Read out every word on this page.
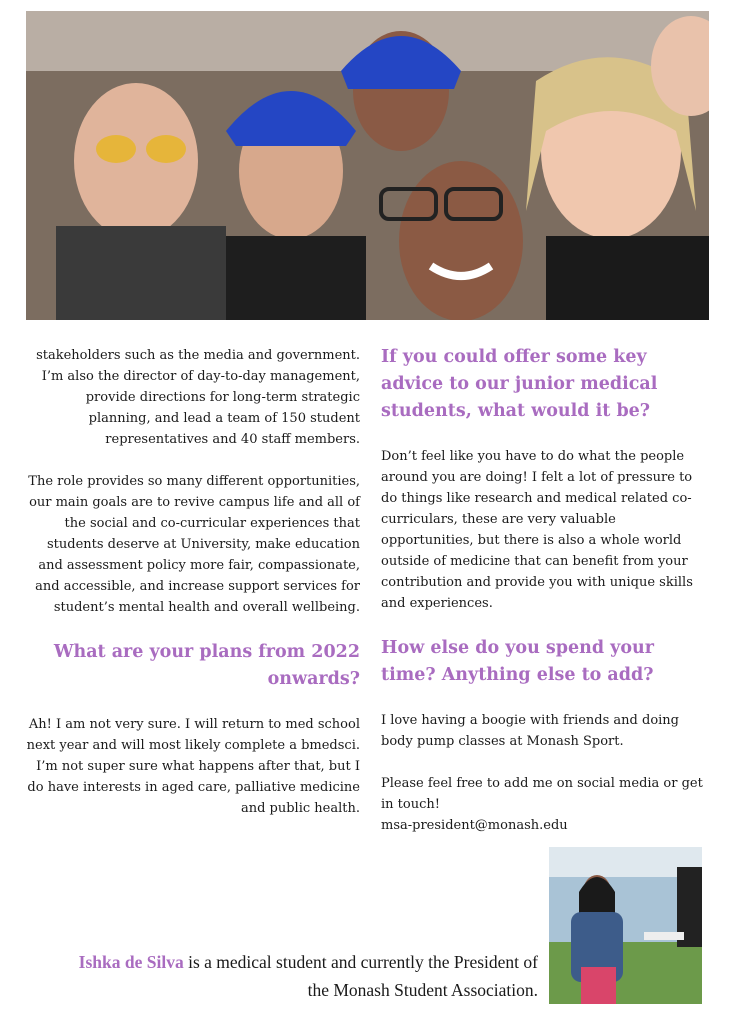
stakeholders such as the media and government. I’m also the director of day-to-day management, provide directions for long-term strategic planning, and lead a team of 150 student representatives and 40 staff members.

The role provides so many different opportunities, our main goals are to revive campus life and all of the social and co-curricular experiences that students deserve at University, make education and assessment policy more fair, compassionate, and accessible, and increase support services for student’s mental health and overall wellbeing.

What are your plans from 2022 onwards?

Ah! I am not very sure. I will return to med school next year and will most likely complete a bmedsci. I’m not super sure what happens after that, but I do have interests in aged care, palliative medicine and public health.

If you could offer some key advice to our junior medical students, what would it be?

Don’t feel like you have to do what the people around you are doing! I felt a lot of pressure to do things like research and medical related co-curriculars, these are very valuable opportunities, but there is also a whole world outside of medicine that can benefit from your contribution and provide you with unique skills and experiences.

How else do you spend your time? Anything else to add?

I love having a boogie with friends and doing body pump classes at Monash Sport.

Please feel free to add me on social media or get in touch!
msa-president@monash.edu

Ishka de Silva is a medical student and currently the President of the Monash Student Association.
